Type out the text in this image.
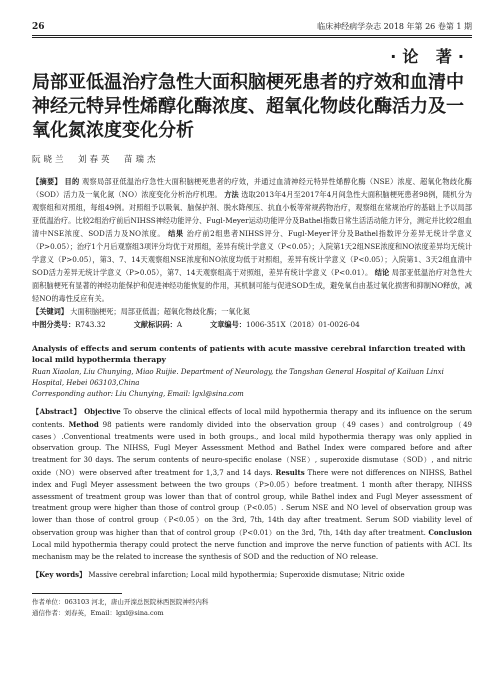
26	临床神经病学杂志 2018 年第 26 卷第 1 期
·论 著·
局部亚低温治疗急性大面积脑梗死患者的疗效和血清中神经元特异性烯醇化酶浓度、超氧化物歧化酶活力及一氧化氮浓度变化分析
阮晓兰　刘春英　苗瑞杰

【摘要】 目的 观察局部亚低温治疗急性大面积脑梗死患者的疗效，并通过血清神经元特异性烯醇化酶（NSE）浓度、超氧化物歧化酶（SOD）活力及一氧化氮（NO）浓度变化分析治疗机理。 方法 选取2013年4月至2017年4月间急性大面积脑梗死患者98例，随机分为观察组和对照组，每组49例。对照组予以吸氧、脑保护剂、脱水降颅压、抗血小板等常规药物治疗，观察组在常规治疗的基础上予以局部亚低温治疗。比较2组治疗前后NIHSS神经功能评分、Fugl-Meyer运动功能评分及Bathel指数日常生活活动能力评分，测定并比较2组血清中NSE浓度、SOD活力及NO浓度。 结果 治疗前2组患者NIHSS评分、Fugl-Meyer评分及Bathel指数评分差异无统计学意义（P>0.05）；治疗1个月后观察组3项评分均优于对照组，差异有统计学意义（P<0.05）；入院第1天2组NSE浓度和NO浓度差异均无统计学意义（P>0.05），第3、7、14天观察组NSE浓度和NO浓度均低于对照组，差异有统计学意义（P<0.05）；入院第1、3天2组血清中SOD活力差异无统计学意义（P>0.05），第7、14天观察组高于对照组，差异有统计学意义（P<0.01）。 结论 局部亚低温治疗对急性大面积脑梗死有显著的神经功能保护和促进神经功能恢复的作用，其机制可能与促进SOD生成，避免氧自由基过氧化损害和抑制NO释放，减轻NO的毒性反应有关。

【关键词】 大面积脑梗死；局部亚低温；超氧化物歧化酶；一氧化氮

中图分类号：R743.32	文献标识码：A	文章编号：1006-351X（2018）01-0026-04
Analysis of effects and serum contents of patients with acute massive cerebral infarction treated with local mild hypothermia therapy
Ruan Xiaolan, Liu Chunying, Miao Ruijie. Department of Neurology, the Tangshan General Hospital of Kailuan Linxi Hospital, Hebei 063103,China
Corresponding author: Liu Chunying, Email: lgxl@sina.com

【Abstract】 Objective To observe the clinical effects of local mild hypothermia therapy and its influence on the serum contents. Method 98 patients were randomly divided into the observation group（49 cases）and controlgroup（49 cases）.Conventional treatments were used in both groups., and local mild hypothermia therapy was only applied in observation group. The NIHSS, Fugl Meyer Assessment Method and Bathel Index were compared before and after treatment for 30 days. The serum contents of neuro-specific enolase（NSE）, superoxide dismutase（SOD）, and nitric oxide（NO）were observed after treatment for 1,3,7 and 14 days. Results There were not differences on NIHSS, Bathel index and Fugl Meyer assessment between the two groups（P>0.05）before treatment. 1 month after therapy, NIHSS assessment of treatment group was lower than that of control group, while Bathel index and Fugl Meyer assessment of treatment group were higher than those of control group（P<0.05）. Serum NSE and NO level of observation group was lower than those of control group（P<0.05）on the 3rd, 7th, 14th day after treatment. Serum SOD viability level of observation group was higher than that of control group（P<0.01）on the 3rd, 7th, 14th day after treatment. Conclusion Local mild hypothermia therapy could protect the nerve function and improve the nerve function of patients with ACI. Its mechanism may be the related to increase the synthesis of SOD and the reduction of NO release.

【Key words】 Massive cerebral infarction; Local mild hypothermia; Superoxide dismutase; Nitric oxide

作者单位：063103 河北，唐山开滦总医院林西医院神经内科
通信作者：刘春英，Email：lgxl@sina.com
